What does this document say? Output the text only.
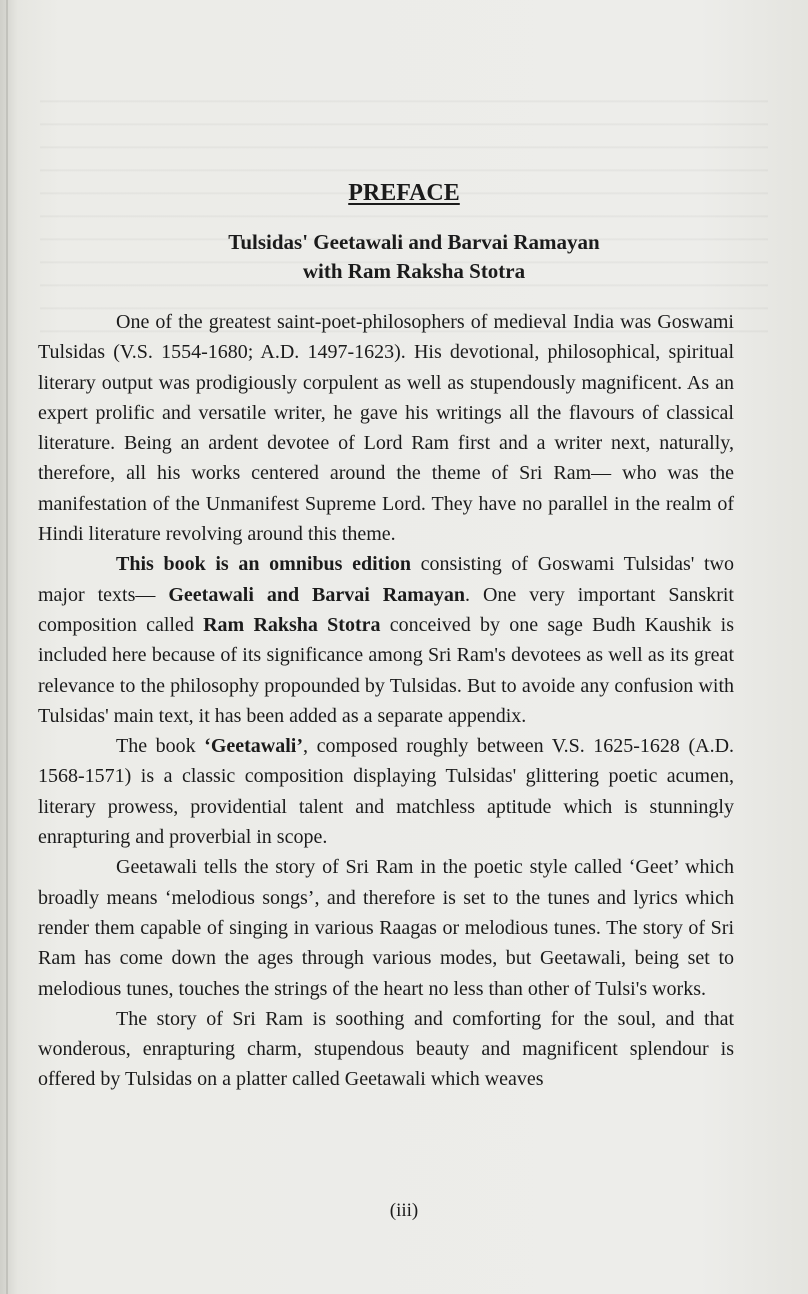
PREFACE
Tulsidas' Geetawali and Barvai Ramayan
with Ram Raksha Stotra

One of the greatest saint-poet-philosophers of medieval India was Goswami Tulsidas (V.S. 1554-1680; A.D. 1497-1623). His devotional, philosophical, spiritual literary output was prodigiously corpulent as well as stupendously magnificent. As an expert prolific and versatile writer, he gave his writings all the flavours of classical literature. Being an ardent devotee of Lord Ram first and a writer next, naturally, therefore, all his works centered around the theme of Sri Ram— who was the manifestation of the Unmanifest Supreme Lord. They have no parallel in the realm of Hindi literature revolving around this theme.

This book is an omnibus edition consisting of Goswami Tulsidas' two major texts— Geetawali and Barvai Ramayan. One very important Sanskrit composition called Ram Raksha Stotra conceived by one sage Budh Kaushik is included here because of its significance among Sri Ram's devotees as well as its great relevance to the philosophy propounded by Tulsidas. But to avoide any confusion with Tulsidas' main text, it has been added as a separate appendix.

The book ‘Geetawali’, composed roughly between V.S. 1625-1628 (A.D. 1568-1571) is a classic composition displaying Tulsidas' glittering poetic acumen, literary prowess, providential talent and matchless aptitude which is stunningly enrapturing and proverbial in scope.

Geetawali tells the story of Sri Ram in the poetic style called ‘Geet’ which broadly means ‘melodious songs’, and therefore is set to the tunes and lyrics which render them capable of singing in various Raagas or melodious tunes. The story of Sri Ram has come down the ages through various modes, but Geetawali, being set to melodious tunes, touches the strings of the heart no less than other of Tulsi's works.

The story of Sri Ram is soothing and comforting for the soul, and that wonderous, enrapturing charm, stupendous beauty and magnificent splendour is offered by Tulsidas on a platter called Geetawali which weaves

(iii)
